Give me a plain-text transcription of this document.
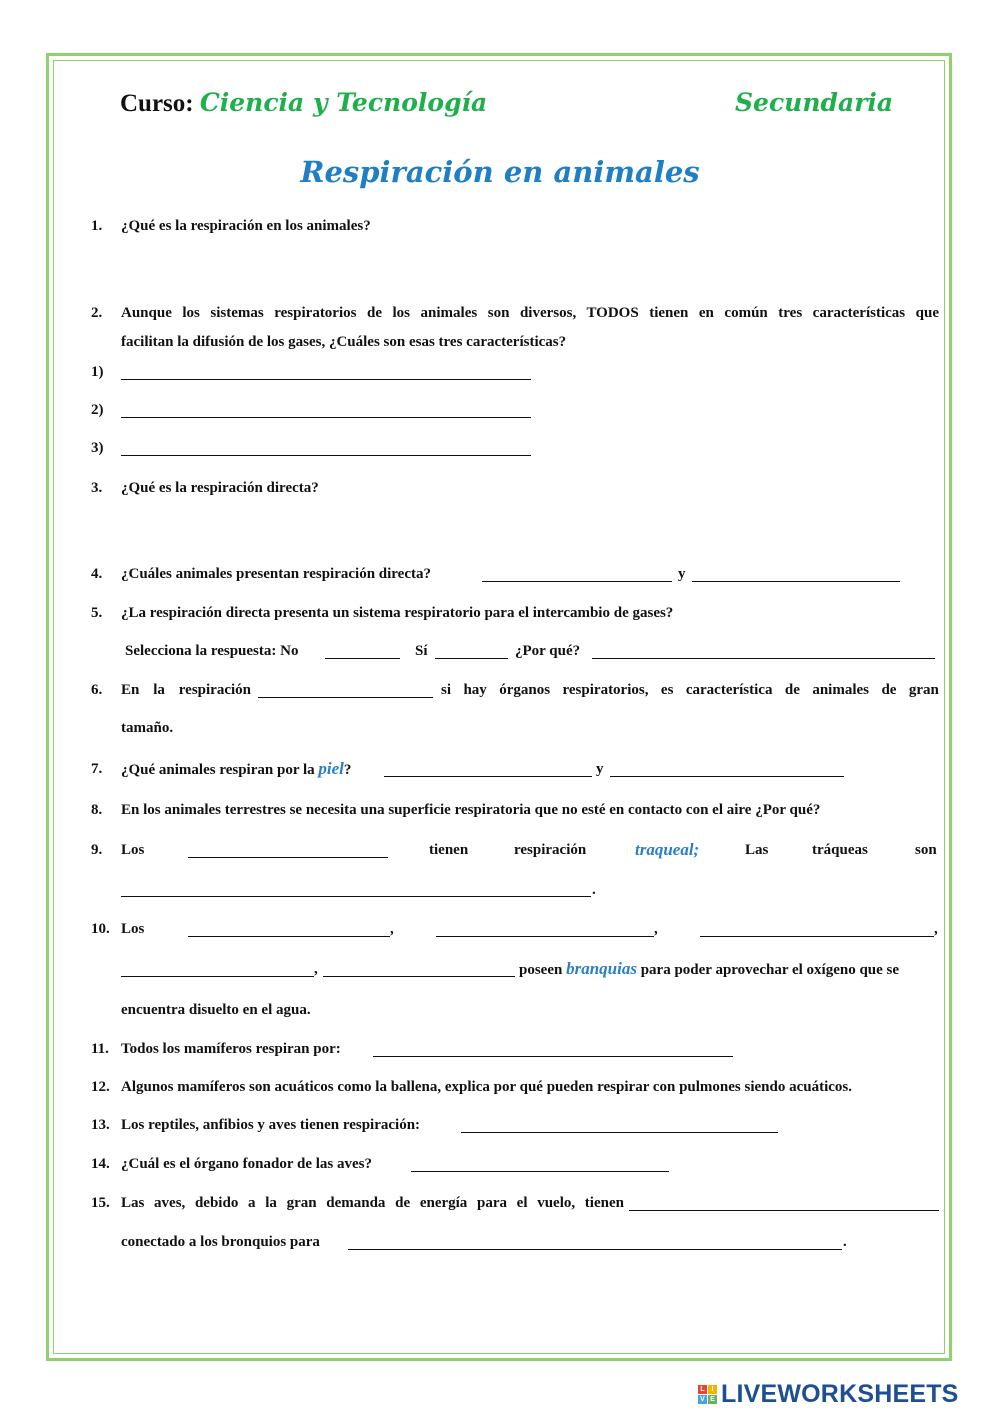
Curso: Ciencia y Tecnología	Secundaria
Respiración en animales
1. ¿Qué es la respiración en los animales?
2. Aunque los sistemas respiratorios de los animales son diversos, TODOS tienen en común tres características que
facilitan la difusión de los gases, ¿Cuáles son esas tres características?
1)
2)
3)
3. ¿Qué es la respiración directa?
4. ¿Cuáles animales presentan respiración directa?	y
5. ¿La respiración directa presenta un sistema respiratorio para el intercambio de gases?
Selecciona la respuesta: No	Sí	¿Por qué?
6. En la respiración	si hay órganos respiratorios, es característica de animales de gran
tamaño.
7. ¿Qué animales respiran por la piel?	y
8. En los animales terrestres se necesita una superficie respiratoria que no esté en contacto con el aire ¿Por qué?
9. Los	tienen	respiración	traqueal;	Las	tráqueas	son
.
10. Los	,	,	,
,	poseen branquias para poder aprovechar el oxígeno que se
encuentra disuelto en el agua.
11. Todos los mamíferos respiran por:
12. Algunos mamíferos son acuáticos como la ballena, explica por qué pueden respirar con pulmones siendo acuáticos.
13. Los reptiles, anfibios y aves tienen respiración:
14. ¿Cuál es el órgano fonador de las aves?
15. Las aves, debido a la gran demanda de energía para el vuelo, tienen
conectado a los bronquios para	.
L I
V E LIVEWORKSHEETS
